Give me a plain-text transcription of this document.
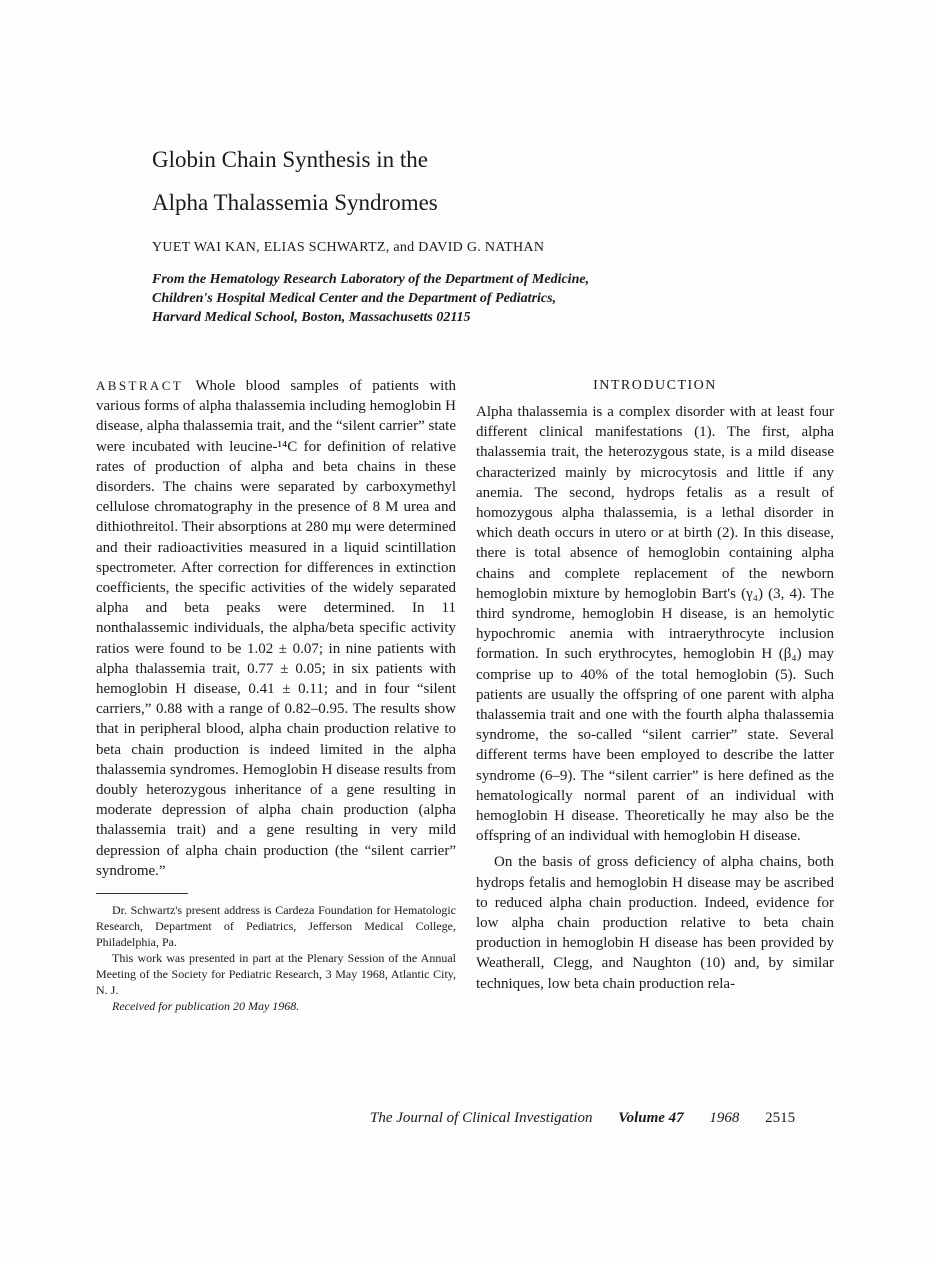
Globin Chain Synthesis in the
Alpha Thalassemia Syndromes
YUET WAI KAN, ELIAS SCHWARTZ, and DAVID G. NATHAN
From the Hematology Research Laboratory of the Department of Medicine,
Children's Hospital Medical Center and the Department of Pediatrics,
Harvard Medical School, Boston, Massachusetts 02115

ABSTRACT Whole blood samples of patients with various forms of alpha thalassemia including hemoglobin H disease, alpha thalassemia trait, and the “silent carrier” state were incubated with leucine-¹⁴C for definition of relative rates of production of alpha and beta chains in these disorders. The chains were separated by carboxymethyl cellulose chromatography in the presence of 8 M urea and dithiothreitol. Their absorptions at 280 mμ were determined and their radioactivities measured in a liquid scintillation spectrometer. After correction for differences in extinction coefficients, the specific activities of the widely separated alpha and beta peaks were determined. In 11 nonthalassemic individuals, the alpha/beta specific activity ratios were found to be 1.02 ± 0.07; in nine patients with alpha thalassemia trait, 0.77 ± 0.05; in six patients with hemoglobin H disease, 0.41 ± 0.11; and in four “silent carriers,” 0.88 with a range of 0.82–0.95. The results show that in peripheral blood, alpha chain production relative to beta chain production is indeed limited in the alpha thalassemia syndromes. Hemoglobin H disease results from doubly heterozygous inheritance of a gene resulting in moderate depression of alpha chain production (alpha thalassemia trait) and a gene resulting in very mild depression of alpha chain production (the “silent carrier” syndrome.”

Dr. Schwartz's present address is Cardeza Foundation for Hematologic Research, Department of Pediatrics, Jefferson Medical College, Philadelphia, Pa.

This work was presented in part at the Plenary Session of the Annual Meeting of the Society for Pediatric Research, 3 May 1968, Atlantic City, N. J.

Received for publication 20 May 1968.

INTRODUCTION

Alpha thalassemia is a complex disorder with at least four different clinical manifestations (1). The first, alpha thalassemia trait, the heterozygous state, is a mild disease characterized mainly by microcytosis and little if any anemia. The second, hydrops fetalis as a result of homozygous alpha thalassemia, is a lethal disorder in which death occurs in utero or at birth (2). In this disease, there is total absence of hemoglobin containing alpha chains and complete replacement of the newborn hemoglobin mixture by hemoglobin Bart's (γ₄) (3, 4). The third syndrome, hemoglobin H disease, is an hemolytic hypochromic anemia with intraerythrocyte inclusion formation. In such erythrocytes, hemoglobin H (β₄) may comprise up to 40% of the total hemoglobin (5). Such patients are usually the offspring of one parent with alpha thalassemia trait and one with the fourth alpha thalassemia syndrome, the so-called “silent carrier” state. Several different terms have been employed to describe the latter syndrome (6–9). The “silent carrier” is here defined as the hematologically normal parent of an individual with hemoglobin H disease. Theoretically he may also be the offspring of an individual with hemoglobin H disease.

On the basis of gross deficiency of alpha chains, both hydrops fetalis and hemoglobin H disease may be ascribed to reduced alpha chain production. Indeed, evidence for low alpha chain production relative to beta chain production in hemoglobin H disease has been provided by Weatherall, Clegg, and Naughton (10) and, by similar techniques, low beta chain production rela-

The Journal of Clinical Investigation Volume 47 1968 2515
